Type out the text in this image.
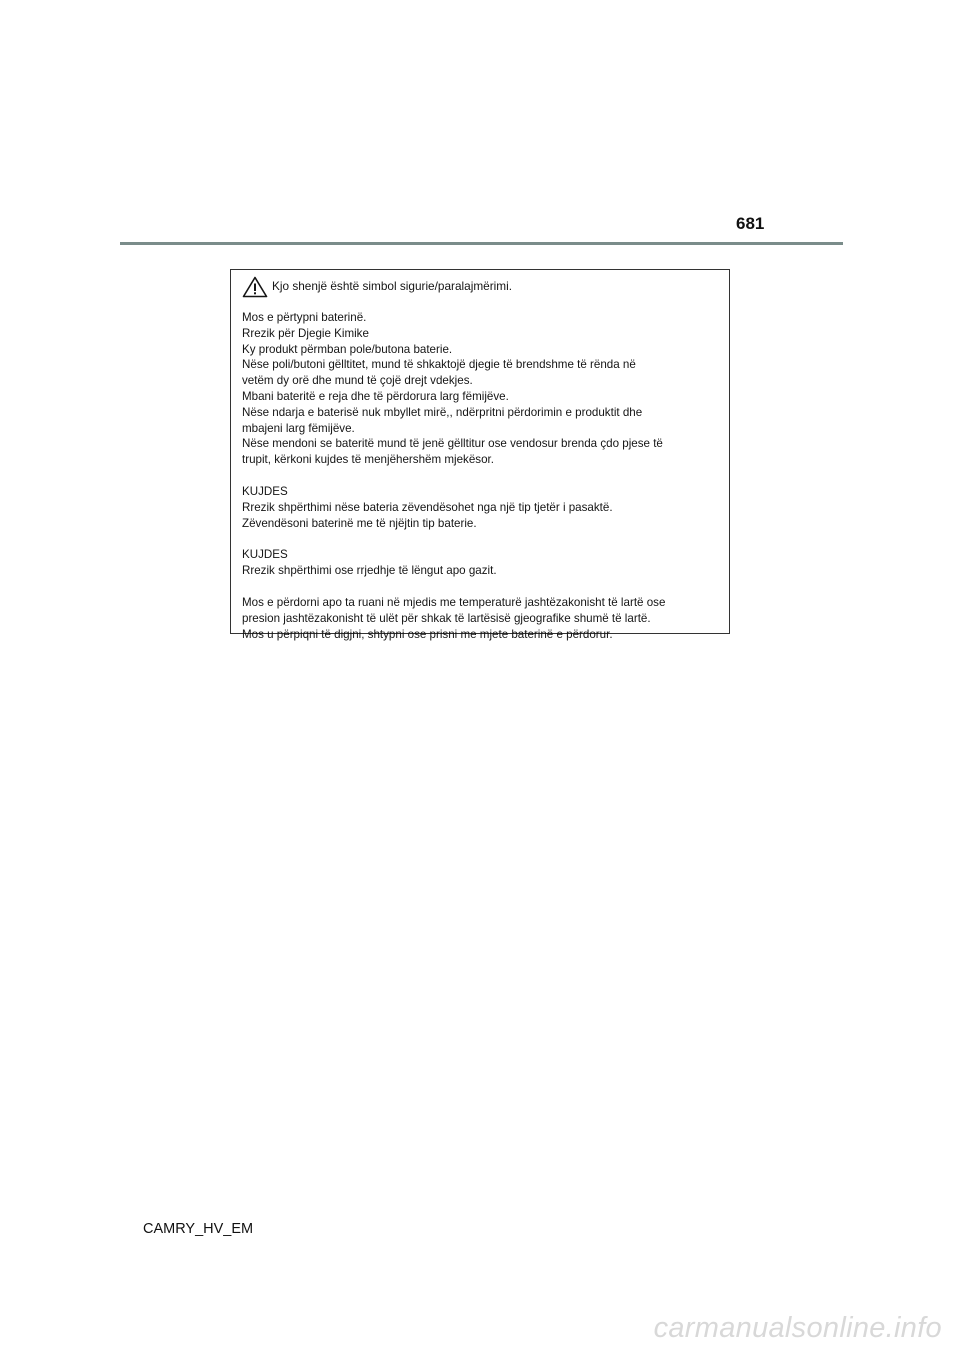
681
Kjo shenjë është simbol sigurie/paralajmërimi.
Mos e përtypni baterinë.
Rrezik për Djegie Kimike
Ky produkt përmban pole/butona baterie.
Nëse poli/butoni gëlltitet, mund të shkaktojë djegie të brendshme të rënda në
vetëm dy orë dhe mund të çojë drejt vdekjes.
Mbani bateritë e reja dhe të përdorura larg fëmijëve.
Nëse ndarja e baterisë nuk mbyllet mirë,, ndërpritni përdorimin e produktit dhe
mbajeni larg fëmijëve.
Nëse mendoni se bateritë mund të jenë gëlltitur ose vendosur brenda çdo pjese të
trupit, kërkoni kujdes të menjëhershëm mjekësor.
KUJDES
Rrezik shpërthimi nëse bateria zëvendësohet nga një tip tjetër i pasaktë.
Zëvendësoni baterinë me të njëjtin tip baterie.
KUJDES
Rrezik shpërthimi ose rrjedhje të lëngut apo gazit.
Mos e përdorni apo ta ruani në mjedis me temperaturë jashtëzakonisht të lartë ose
presion jashtëzakonisht të ulët për shkak të lartësisë gjeografike shumë të lartë.
Mos u përpiqni të digjni, shtypni ose prisni me mjete baterinë e përdorur.
CAMRY_HV_EM
carmanualsonline.info
